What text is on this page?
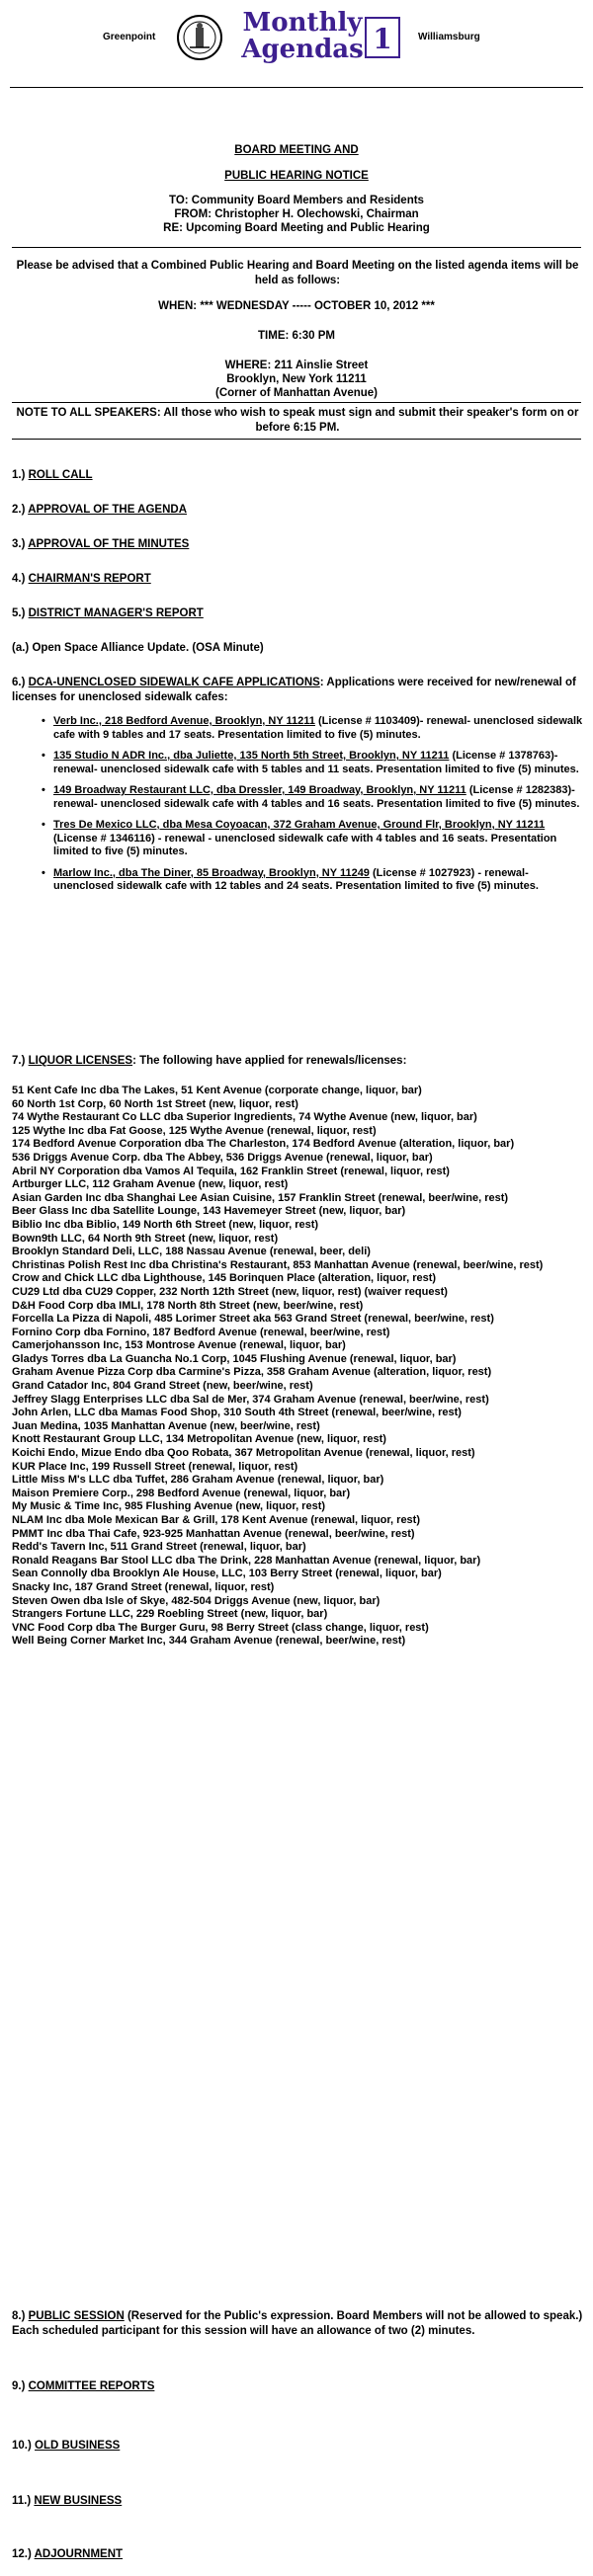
Greenpoint	Monthly
Agendas 1	Williamsburg
BOARD MEETING AND
PUBLIC HEARING NOTICE
TO: Community Board Members and Residents
FROM: Christopher H. Olechowski, Chairman
RE: Upcoming Board Meeting and Public Hearing
Please be advised that a Combined Public Hearing and Board Meeting on the listed agenda items will be held as follows:
WHEN: *** WEDNESDAY ----- OCTOBER 10, 2012 ***
TIME: 6:30 PM
WHERE: 211 Ainslie Street
Brooklyn, New York 11211
(Corner of Manhattan Avenue)
NOTE TO ALL SPEAKERS: All those who wish to speak must sign and submit their speaker's form on or before 6:15 PM.
1.) ROLL CALL
2.) APPROVAL OF THE AGENDA
3.) APPROVAL OF THE MINUTES
4.) CHAIRMAN'S REPORT
5.) DISTRICT MANAGER'S REPORT
(a.) Open Space Alliance Update. (OSA Minute)
6.) DCA-UNENCLOSED SIDEWALK CAFE APPLICATIONS: Applications were received for new/renewal of licenses for unenclosed sidewalk cafes:
• Verb Inc., 218 Bedford Avenue, Brooklyn, NY 11211 (License # 1103409)- renewal- unenclosed sidewalk cafe with 9 tables and 17 seats. Presentation limited to five (5) minutes.
• 135 Studio N ADR Inc., dba Juliette, 135 North 5th Street, Brooklyn, NY 11211 (License # 1378763)- renewal- unenclosed sidewalk cafe with 5 tables and 11 seats. Presentation limited to five (5) minutes.
• 149 Broadway Restaurant LLC, dba Dressler, 149 Broadway, Brooklyn, NY 11211 (License # 1282383)- renewal- unenclosed sidewalk cafe with 4 tables and 16 seats. Presentation limited to five (5) minutes.
• Tres De Mexico LLC, dba Mesa Coyoacan, 372 Graham Avenue, Ground Flr, Brooklyn, NY 11211 (License # 1346116) - renewal - unenclosed sidewalk cafe with 4 tables and 16 seats. Presentation limited to five (5) minutes.
• Marlow Inc., dba The Diner, 85 Broadway, Brooklyn, NY 11249 (License # 1027923) - renewal- unenclosed sidewalk cafe with 12 tables and 24 seats. Presentation limited to five (5) minutes.
7.) LIQUOR LICENSES: The following have applied for renewals/licenses:
51 Kent Cafe Inc dba The Lakes, 51 Kent Avenue (corporate change, liquor, bar)
60 North 1st Corp, 60 North 1st Street (new, liquor, rest)
74 Wythe Restaurant Co LLC dba Superior Ingredients, 74 Wythe Avenue (new, liquor, bar)
125 Wythe Inc dba Fat Goose, 125 Wythe Avenue (renewal, liquor, rest)
174 Bedford Avenue Corporation dba The Charleston, 174 Bedford Avenue (alteration, liquor, bar)
536 Driggs Avenue Corp. dba The Abbey, 536 Driggs Avenue (renewal, liquor, bar)
Abril NY Corporation dba Vamos Al Tequila, 162 Franklin Street (renewal, liquor, rest)
Artburger LLC, 112 Graham Avenue (new, liquor, rest)
Asian Garden Inc dba Shanghai Lee Asian Cuisine, 157 Franklin Street (renewal, beer/wine, rest)
Beer Glass Inc dba Satellite Lounge, 143 Havemeyer Street (new, liquor, bar)
Biblio Inc dba Biblio, 149 North 6th Street (new, liquor, rest)
Bown9th LLC, 64 North 9th Street (new, liquor, rest)
Brooklyn Standard Deli, LLC, 188 Nassau Avenue (renewal, beer, deli)
Christinas Polish Rest Inc dba Christina's Restaurant, 853 Manhattan Avenue (renewal, beer/wine, rest)
Crow and Chick LLC dba Lighthouse, 145 Borinquen Place (alteration, liquor, rest)
CU29 Ltd dba CU29 Copper, 232 North 12th Street (new, liquor, rest) (waiver request)
D&H Food Corp dba IMLI, 178 North 8th Street (new, beer/wine, rest)
Forcella La Pizza di Napoli, 485 Lorimer Street aka 563 Grand Street (renewal, beer/wine, rest)
Fornino Corp dba Fornino, 187 Bedford Avenue (renewal, beer/wine, rest)
Camerjohansson Inc, 153 Montrose Avenue (renewal, liquor, bar)
Gladys Torres dba La Guancha No.1 Corp, 1045 Flushing Avenue (renewal, liquor, bar)
Graham Avenue Pizza Corp dba Carmine's Pizza, 358 Graham Avenue (alteration, liquor, rest)
Grand Catador Inc, 804 Grand Street (new, beer/wine, rest)
Jeffrey Slagg Enterprises LLC dba Sal de Mer, 374 Graham Avenue (renewal, beer/wine, rest)
John Arlen, LLC dba Mamas Food Shop, 310 South 4th Street (renewal, beer/wine, rest)
Juan Medina, 1035 Manhattan Avenue (new, beer/wine, rest)
Knott Restaurant Group LLC, 134 Metropolitan Avenue (new, liquor, rest)
Koichi Endo, Mizue Endo dba Qoo Robata, 367 Metropolitan Avenue (renewal, liquor, rest)
KUR Place Inc, 199 Russell Street (renewal, liquor, rest)
Little Miss M's LLC dba Tuffet, 286 Graham Avenue (renewal, liquor, bar)
Maison Premiere Corp., 298 Bedford Avenue (renewal, liquor, bar)
My Music & Time Inc, 985 Flushing Avenue (new, liquor, rest)
NLAM Inc dba Mole Mexican Bar & Grill, 178 Kent Avenue (renewal, liquor, rest)
PMMT Inc dba Thai Cafe, 923-925 Manhattan Avenue (renewal, beer/wine, rest)
Redd's Tavern Inc, 511 Grand Street (renewal, liquor, bar)
Ronald Reagans Bar Stool LLC dba The Drink, 228 Manhattan Avenue (renewal, liquor, bar)
Sean Connolly dba Brooklyn Ale House, LLC, 103 Berry Street (renewal, liquor, bar)
Snacky Inc, 187 Grand Street (renewal, liquor, rest)
Steven Owen dba Isle of Skye, 482-504 Driggs Avenue (new, liquor, bar)
Strangers Fortune LLC, 229 Roebling Street (new, liquor, bar)
VNC Food Corp dba The Burger Guru, 98 Berry Street (class change, liquor, rest)
Well Being Corner Market Inc, 344 Graham Avenue (renewal, beer/wine, rest)
8.) PUBLIC SESSION (Reserved for the Public's expression. Board Members will not be allowed to speak.) Each scheduled participant for this session will have an allowance of two (2) minutes.
9.) COMMITTEE REPORTS
10.) OLD BUSINESS
11.) NEW BUSINESS
12.) ADJOURNMENT
